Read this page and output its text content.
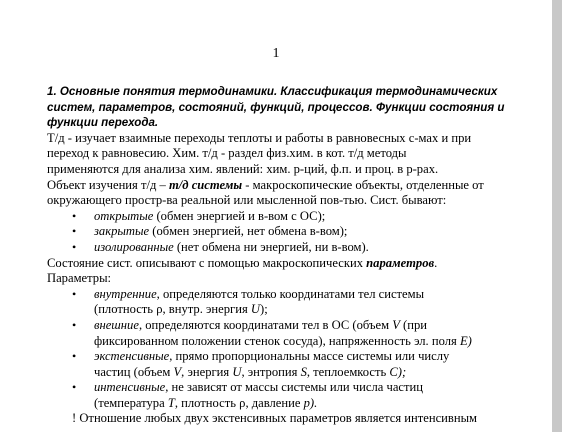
1
1. Основные понятия термодинамики. Классификация термодинамических
систем, параметров, состояний, функций, процессов. Функции состояния и
функции перехода.
Т/д - изучает взаимные переходы теплоты и работы в равновесных с-мах и при
переход к равновесию. Хим. т/д - раздел физ.хим. в кот. т/д методы
применяются для анализа хим. явлений: хим. р-ций, ф.п. и проц. в р-рах.
Объект изучения т/д – т/д системы - макроскопические объекты, отделенные от
окружающего простр-ва реальной или мысленной пов-тью. Сист. бывают:
• открытые (обмен энергией и в-вом с ОС);
• закрытые (обмен энергией, нет обмена в-вом);
• изолированные (нет обмена ни энергией, ни в-вом).
Состояние сист. описывают с помощью макроскопических параметров.
Параметры:
• внутренние, определяются только координатами тел системы
(плотность ρ, внутр. энергия U);
• внешние, определяются координатами тел в ОС (объем V (при
фиксированном положении стенок сосуда), напряженность эл. поля E)
• экстенсивные, прямо пропорциональны массе системы или числу
частиц (объем V, энергия U, энтропия S, теплоемкость C);
• интенсивные, не зависят от массы системы или числа частиц
(температура T, плотность ρ, давление p).
! Отношение любых двух экстенсивных параметров является интенсивным
